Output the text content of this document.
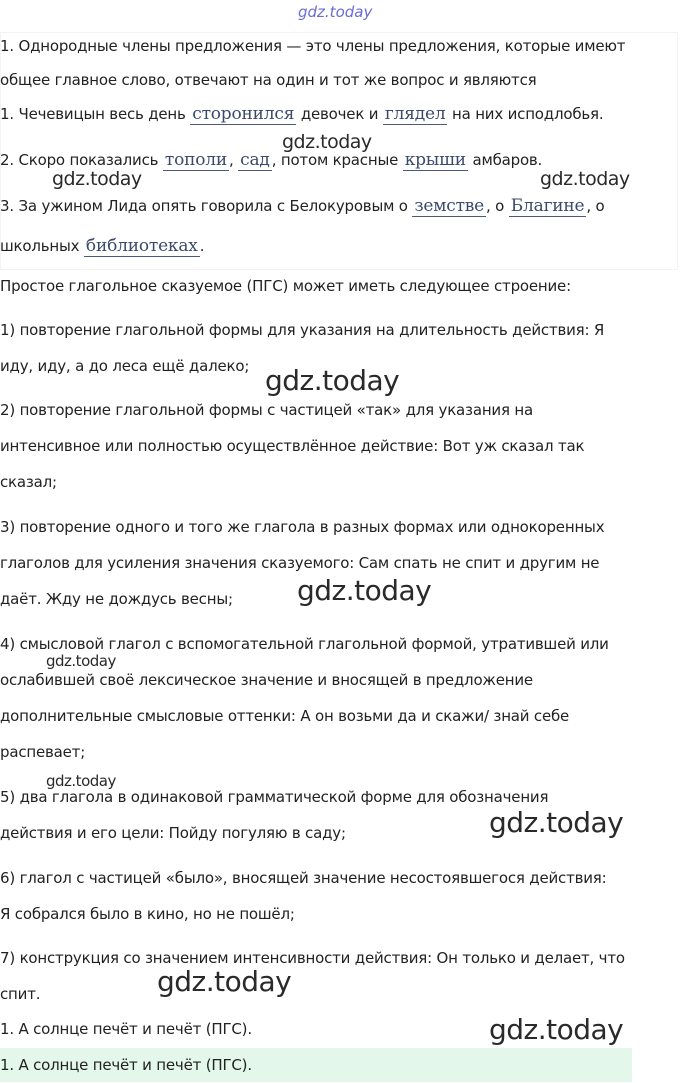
gdz.today
1. Однородные члены предложения — это члены предложения, которые имеют
общее главное слово, отвечают на один и тот же вопрос и являются
1. Чечевицын весь день сторонился девочек и глядел на них исподлобья.
2. Скоро показались тополи , сад , потом красные крыши амбаров.
3. За ужином Лида опять говорила с Белокуровым о земстве , о Благине , о
школьных библиотеках .
Простое глагольное сказуемое (ПГС) может иметь следующее строение:
1) повторение глагольной формы для указания на длительность действия: Я
иду, иду, а до леса ещё далеко;
2) повторение глагольной формы с частицей «так» для указания на
интенсивное или полностью осуществлённое действие: Вот уж сказал так
сказал;
3) повторение одного и того же глагола в разных формах или однокоренных
глаголов для усиления значения сказуемого: Сам спать не спит и другим не
даёт. Жду не дождусь весны;
4) смысловой глагол с вспомогательной глагольной формой, утратившей или
ослабившей своё лексическое значение и вносящей в предложение
дополнительные смысловые оттенки: А он возьми да и скажи/ знай себе
распевает;
5) два глагола в одинаковой грамматической форме для обозначения
действия и его цели: Пойду погуляю в саду;
6) глагол с частицей «было», вносящей значение несостоявшегося действия:
Я собрался было в кино, но не пошёл;
7) конструкция со значением интенсивности действия: Он только и делает, что
спит.
1. А солнце печёт и печёт (ПГС).
1. А солнце печёт и печёт (ПГС).
gdz.today
gdz.today	gdz.today
gdz.today
gdz.today
gdz.today
gdz.today
gdz.today
gdz.today
gdz.today
